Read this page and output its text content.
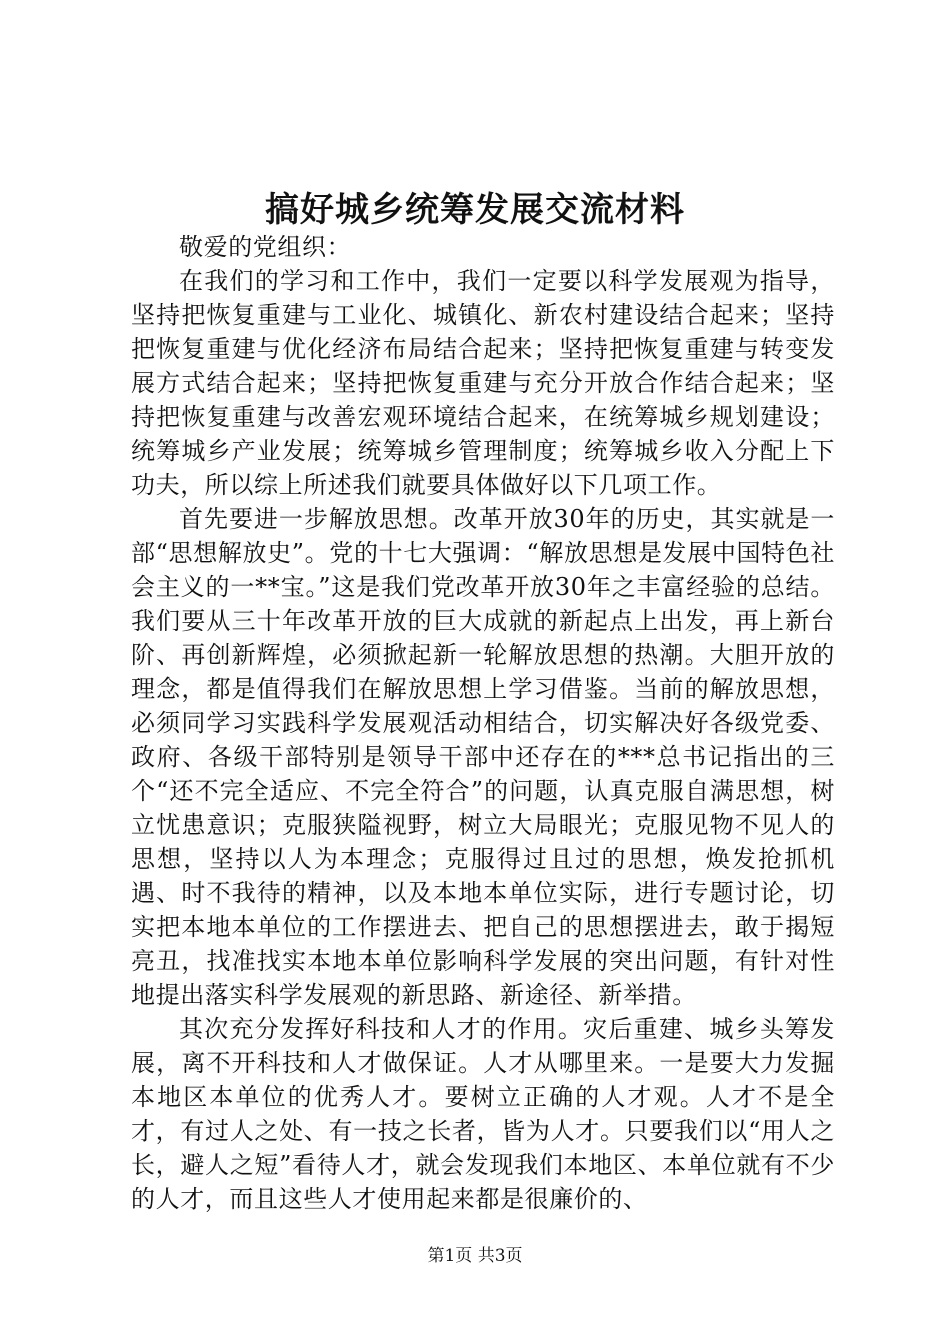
搞好城乡统筹发展交流材料

敬爱的党组织：

在我们的学习和工作中，我们一定要以科学发展观为指导，坚持把恢复重建与工业化、城镇化、新农村建设结合起来；坚持把恢复重建与优化经济布局结合起来；坚持把恢复重建与转变发展方式结合起来；坚持把恢复重建与充分开放合作结合起来；坚持把恢复重建与改善宏观环境结合起来，在统筹城乡规划建设；统筹城乡产业发展；统筹城乡管理制度；统筹城乡收入分配上下功夫，所以综上所述我们就要具体做好以下几项工作。

首先要进一步解放思想。改革开放30年的历史，其实就是一部“思想解放史”。党的十七大强调：“解放思想是发展中国特色社会主义的一**宝。”这是我们党改革开放30年之丰富经验的总结。我们要从三十年改革开放的巨大成就的新起点上出发，再上新台阶、再创新辉煌，必须掀起新一轮解放思想的热潮。大胆开放的理念，都是值得我们在解放思想上学习借鉴。当前的解放思想，必须同学习实践科学发展观活动相结合，切实解决好各级党委、政府、各级干部特别是领导干部中还存在的***总书记指出的三个“还不完全适应、不完全符合”的问题，认真克服自满思想，树立忧患意识；克服狭隘视野，树立大局眼光；克服见物不见人的思想，坚持以人为本理念；克服得过且过的思想，焕发抢抓机遇、时不我待的精神，以及本地本单位实际，进行专题讨论，切实把本地本单位的工作摆进去、把自己的思想摆进去，敢于揭短亮丑，找准找实本地本单位影响科学发展的突出问题，有针对性地提出落实科学发展观的新思路、新途径、新举措。

其次充分发挥好科技和人才的作用。灾后重建、城乡头筹发展，离不开科技和人才做保证。人才从哪里来。一是要大力发掘本地区本单位的优秀人才。要树立正确的人才观。人才不是全才，有过人之处、有一技之长者，皆为人才。只要我们以“用人之长，避人之短”看待人才，就会发现我们本地区、本单位就有不少的人才，而且这些人才使用起来都是很廉价的、

第1页 共3页
